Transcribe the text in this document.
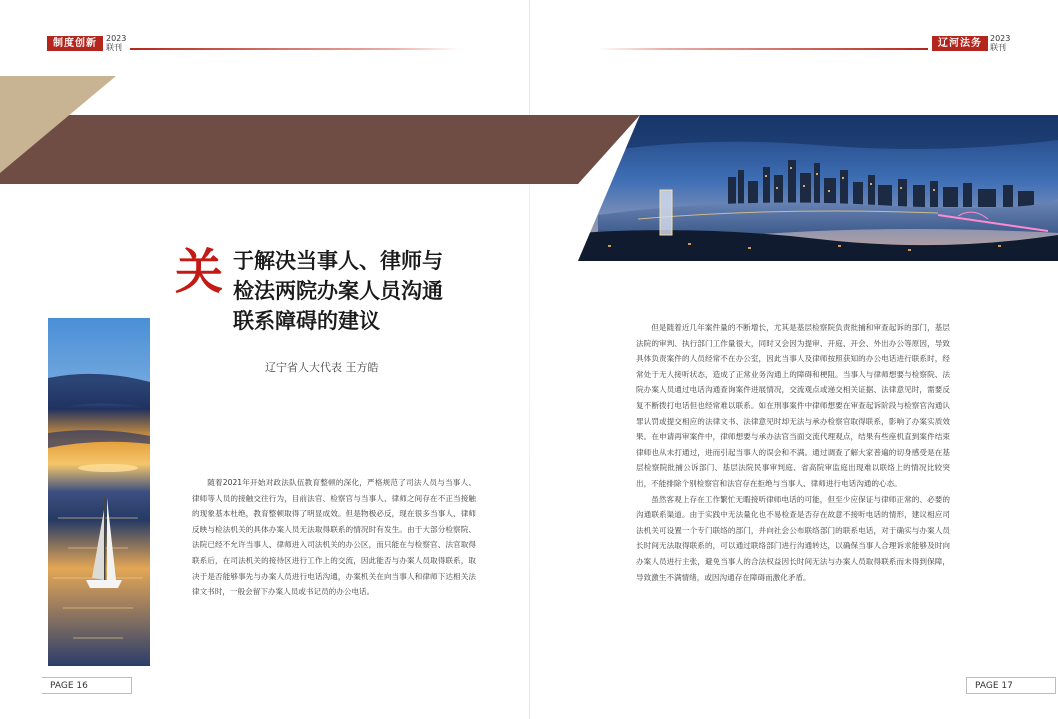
制度创新	2023
联刊	辽河法务	2023
联刊
关 于解决当事人、律师与
检法两院办案人员沟通
联系障碍的建议
辽宁省人大代表 王方皓

随着2021年开始对政法队伍教育整顿的深化，严格规范了司法人员与当事人、律师等人员的接触交往行为，目前法官、检察官与当事人、律师之间存在不正当接触的现象基本杜绝，教育整顿取得了明显成效。但是物极必反，现在很多当事人、律师反映与检法机关的具体办案人员无法取得联系的情况时有发生。由于大部分检察院、法院已经不允许当事人、律师进入司法机关的办公区，而只能在与检察官、法官取得联系后，在司法机关的接待区进行工作上的交流，因此能否与办案人员取得联系，取决于是否能够事先与办案人员进行电话沟通，办案机关在向当事人和律师下达相关法律文书时，一般会留下办案人员或书记员的办公电话。

但是随着近几年案件量的不断增长，尤其是基层检察院负责批捕和审查起诉的部门，基层法院的审判、执行部门工作量很大，同时又会因为提审、开庭、开会、外出办公等原因，导致具体负责案件的人员经常不在办公室，因此当事人及律师按照获知的办公电话进行联系时，经常处于无人接听状态，造成了正常业务沟通上的障碍和梗阻。当事人与律师想要与检察院、法院办案人员通过电话沟通查询案件进展情况，交流观点或递交相关证据、法律意见时，需要反复不断拨打电话但也经常难以联系。如在刑事案件中律师想要在审查起诉阶段与检察官沟通认罪认罚或提交相应的法律文书、法律意见时却无法与承办检察官取得联系，影响了办案实质效果。在申请再审案件中，律师想要与承办法官当面交流代理观点，结果有些座机直到案件结束律师也从未打通过，进而引起当事人的误会和不满。通过调查了解大家普遍的切身感受是在基层检察院批捕公诉部门、基层法院民事审判庭、省高院审监庭出现难以联络上的情况比较突出，不能排除个别检察官和法官存在拒绝与当事人、律师进行电话沟通的心态。

虽然客观上存在工作繁忙无暇接听律师电话的可能，但至少应保证与律师正常的、必要的沟通联系渠道。由于实践中无法量化也不易检查是否存在故意不接听电话的情形，建议相应司法机关可设置一个专门联络的部门，并向社会公布联络部门的联系电话，对于确实与办案人员长时间无法取得联系的，可以通过联络部门进行沟通转达，以确保当事人合理诉求能够及时向办案人员进行主张，避免当事人的合法权益因长时间无法与办案人员取得联系而未得到保障，导致激生不满情绪，或因沟通存在障碍而激化矛盾。

PAGE 16	PAGE 17
